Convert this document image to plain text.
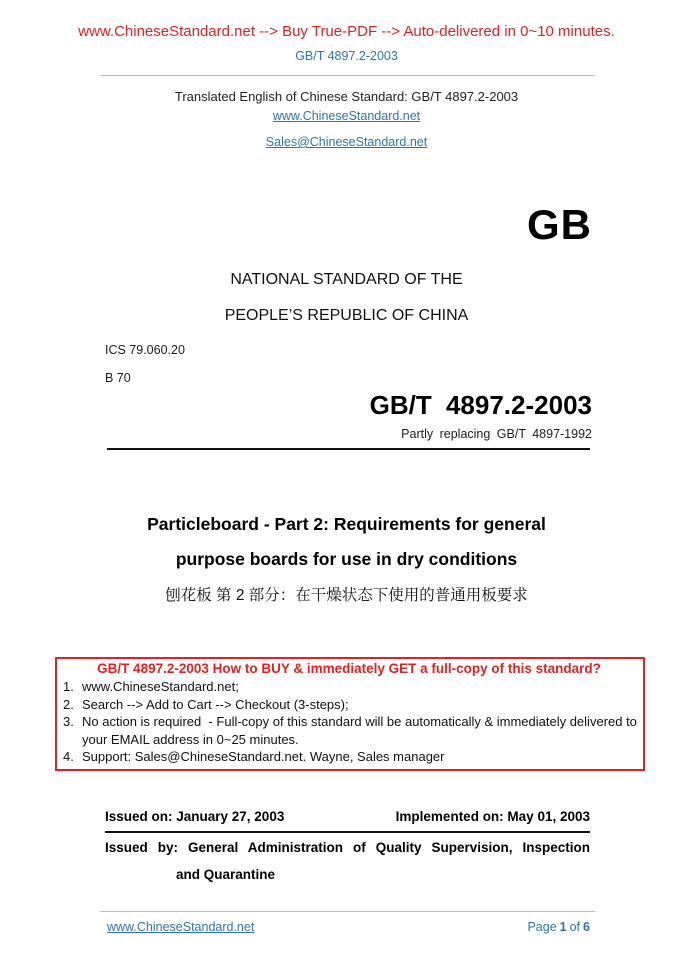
www.ChineseStandard.net --> Buy True-PDF --> Auto-delivered in 0~10 minutes.
GB/T 4897.2-2003
Translated English of Chinese Standard: GB/T 4897.2-2003
www.ChineseStandard.net
Sales@ChineseStandard.net
GB
NATIONAL STANDARD OF THE
PEOPLE’S REPUBLIC OF CHINA
ICS 79.060.20
B 70
GB/T 4897.2-2003
Partly replacing GB/T 4897-1992
Particleboard - Part 2: Requirements for general
purpose boards for use in dry conditions
刨花板 第 2 部分：在干燥状态下使用的普通用板要求
GB/T 4897.2-2003 How to BUY & immediately GET a full-copy of this standard?
1. www.ChineseStandard.net;
2. Search --> Add to Cart --> Checkout (3-steps);
3. No action is required  - Full-copy of this standard will be automatically & immediately delivered to your EMAIL address in 0~25 minutes.
4. Support: Sales@ChineseStandard.net. Wayne, Sales manager
Issued on: January 27, 2003	Implemented on: May 01, 2003
Issued by: General Administration of Quality Supervision, Inspection
and Quarantine
www.ChineseStandard.net	Page 1 of 6
